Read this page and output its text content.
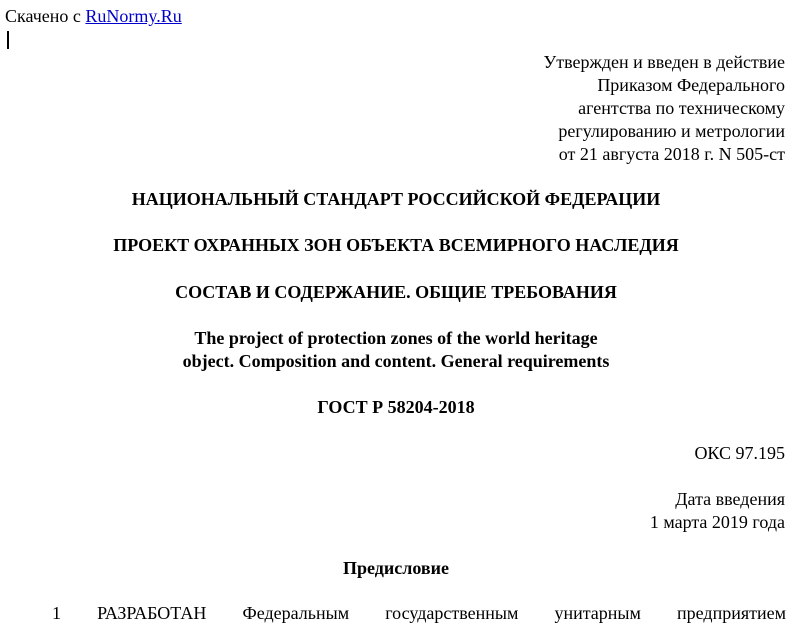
Скачено с RuNormy.Ru
Утвержден и введен в действие
Приказом Федерального
агентства по техническому
регулированию и метрологии
от 21 августа 2018 г. N 505-ст
НАЦИОНАЛЬНЫЙ СТАНДАРТ РОССИЙСКОЙ ФЕДЕРАЦИИ
ПРОЕКТ ОХРАННЫХ ЗОН ОБЪЕКТА ВСЕМИРНОГО НАСЛЕДИЯ
СОСТАВ И СОДЕРЖАНИЕ. ОБЩИЕ ТРЕБОВАНИЯ
The project of protection zones of the world heritage
object. Composition and content. General requirements
ГОСТ Р 58204-2018
ОКС 97.195
Дата введения
1 марта 2019 года
Предисловие
1 РАЗРАБОТАН Федеральным государственным унитарным предприятием
